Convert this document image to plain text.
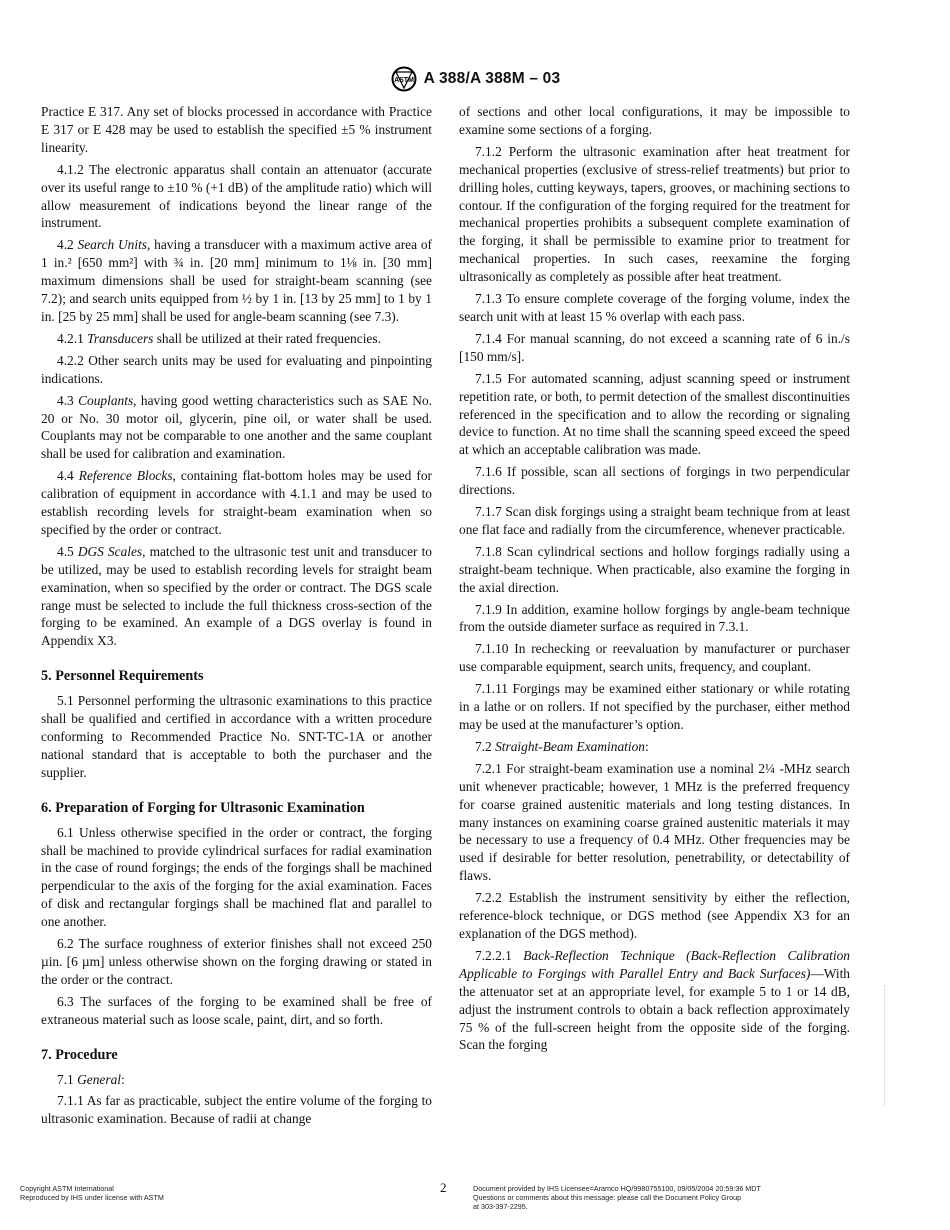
ASTM A 388/A 388M – 03

Practice E 317. Any set of blocks processed in accordance with Practice E 317 or E 428 may be used to establish the specified ±5 % instrument linearity.

4.1.2 The electronic apparatus shall contain an attenuator (accurate over its useful range to ±10 % (+1 dB) of the amplitude ratio) which will allow measurement of indications beyond the linear range of the instrument.

4.2 Search Units, having a transducer with a maximum active area of 1 in.² [650 mm²] with ¾ in. [20 mm] minimum to 1⅛ in. [30 mm] maximum dimensions shall be used for straight-beam scanning (see 7.2); and search units equipped from ½ by 1 in. [13 by 25 mm] to 1 by 1 in. [25 by 25 mm] shall be used for angle-beam scanning (see 7.3).

4.2.1 Transducers shall be utilized at their rated frequencies.

4.2.2 Other search units may be used for evaluating and pinpointing indications.

4.3 Couplants, having good wetting characteristics such as SAE No. 20 or No. 30 motor oil, glycerin, pine oil, or water shall be used. Couplants may not be comparable to one another and the same couplant shall be used for calibration and examination.

4.4 Reference Blocks, containing flat-bottom holes may be used for calibration of equipment in accordance with 4.1.1 and may be used to establish recording levels for straight-beam examination when so specified by the order or contract.

4.5 DGS Scales, matched to the ultrasonic test unit and transducer to be utilized, may be used to establish recording levels for straight beam examination, when so specified by the order or contract. The DGS scale range must be selected to include the full thickness cross-section of the forging to be examined. An example of a DGS overlay is found in Appendix X3.

5. Personnel Requirements

5.1 Personnel performing the ultrasonic examinations to this practice shall be qualified and certified in accordance with a written procedure conforming to Recommended Practice No. SNT-TC-1A or another national standard that is acceptable to both the purchaser and the supplier.

6. Preparation of Forging for Ultrasonic Examination

6.1 Unless otherwise specified in the order or contract, the forging shall be machined to provide cylindrical surfaces for radial examination in the case of round forgings; the ends of the forgings shall be machined perpendicular to the axis of the forging for the axial examination. Faces of disk and rectangular forgings shall be machined flat and parallel to one another.

6.2 The surface roughness of exterior finishes shall not exceed 250 µin. [6 µm] unless otherwise shown on the forging drawing or stated in the order or the contract.

6.3 The surfaces of the forging to be examined shall be free of extraneous material such as loose scale, paint, dirt, and so forth.

7. Procedure

7.1 General:

7.1.1 As far as practicable, subject the entire volume of the forging to ultrasonic examination. Because of radii at change

of sections and other local configurations, it may be impossible to examine some sections of a forging.

7.1.2 Perform the ultrasonic examination after heat treatment for mechanical properties (exclusive of stress-relief treatments) but prior to drilling holes, cutting keyways, tapers, grooves, or machining sections to contour. If the configuration of the forging required for the treatment for mechanical properties prohibits a subsequent complete examination of the forging, it shall be permissible to examine prior to treatment for mechanical properties. In such cases, reexamine the forging ultrasonically as completely as possible after heat treatment.

7.1.3 To ensure complete coverage of the forging volume, index the search unit with at least 15 % overlap with each pass.

7.1.4 For manual scanning, do not exceed a scanning rate of 6 in./s [150 mm/s].

7.1.5 For automated scanning, adjust scanning speed or instrument repetition rate, or both, to permit detection of the smallest discontinuities referenced in the specification and to allow the recording or signaling device to function. At no time shall the scanning speed exceed the speed at which an acceptable calibration was made.

7.1.6 If possible, scan all sections of forgings in two perpendicular directions.

7.1.7 Scan disk forgings using a straight beam technique from at least one flat face and radially from the circumference, whenever practicable.

7.1.8 Scan cylindrical sections and hollow forgings radially using a straight-beam technique. When practicable, also examine the forging in the axial direction.

7.1.9 In addition, examine hollow forgings by angle-beam technique from the outside diameter surface as required in 7.3.1.

7.1.10 In rechecking or reevaluation by manufacturer or purchaser use comparable equipment, search units, frequency, and couplant.

7.1.11 Forgings may be examined either stationary or while rotating in a lathe or on rollers. If not specified by the purchaser, either method may be used at the manufacturer’s option.

7.2 Straight-Beam Examination:

7.2.1 For straight-beam examination use a nominal 2¼ -MHz search unit whenever practicable; however, 1 MHz is the preferred frequency for coarse grained austenitic materials and long testing distances. In many instances on examining coarse grained austenitic materials it may be necessary to use a frequency of 0.4 MHz. Other frequencies may be used if desirable for better resolution, penetrability, or detectability of flaws.

7.2.2 Establish the instrument sensitivity by either the reflection, reference-block technique, or DGS method (see Appendix X3 for an explanation of the DGS method).

7.2.2.1 Back-Reflection Technique (Back-Reflection Calibration Applicable to Forgings with Parallel Entry and Back Surfaces)—With the attenuator set at an appropriate level, for example 5 to 1 or 14 dB, adjust the instrument controls to obtain a back reflection approximately 75 % of the full-screen height from the opposite side of the forging. Scan the forging

Copyright ASTM International
Reproduced by IHS under license with ASTM
2	Document provided by IHS Licensee=Aramco HQ/9980755100, 09/05/2004 20:59:36 MDT
Questions or comments about this message: please call the Document Policy Group
at 303-397-2295.
